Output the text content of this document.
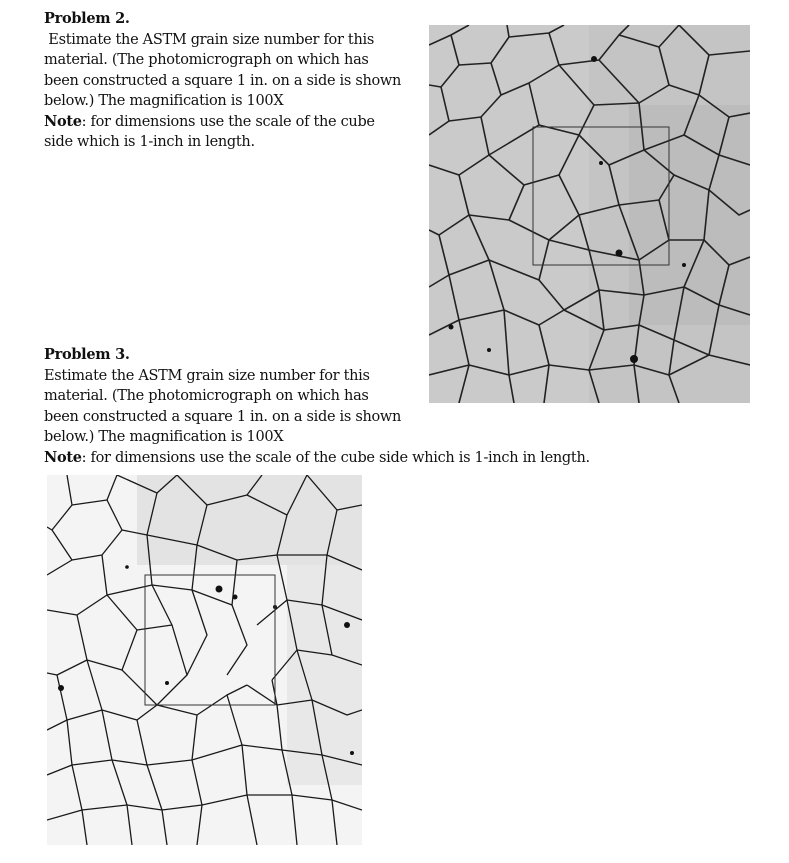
Problem 2.
Estimate the ASTM grain size number for this
material. (The photomicrograph on which has
been constructed a square 1 in. on a side is shown
below.) The magnification is 100X
Note: for dimensions use the scale of the cube
side which is 1-inch in length.
Problem 3.
Estimate the ASTM grain size number for this
material. (The photomicrograph on which has
been constructed a square 1 in. on a side is shown
below.) The magnification is 100X
Note: for dimensions use the scale of the cube side which is 1-inch in length.
